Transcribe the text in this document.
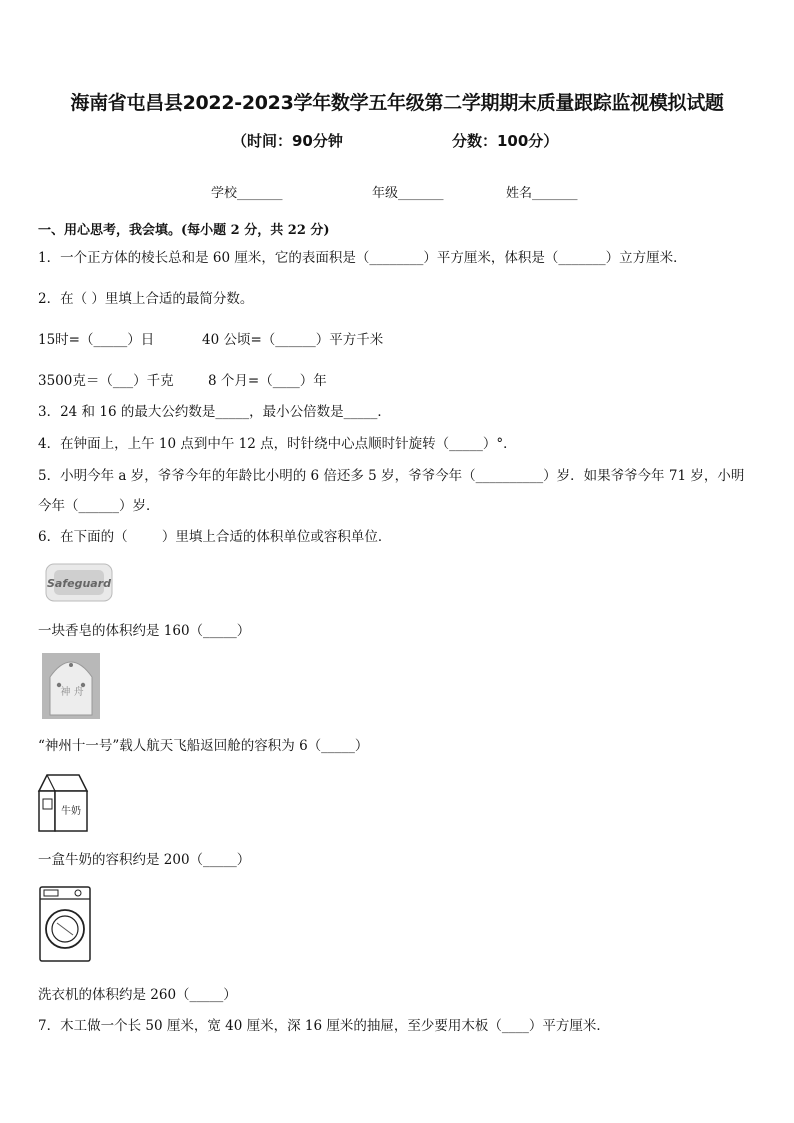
海南省屯昌县2022-2023学年数学五年级第二学期期末质量跟踪监视模拟试题
（时间：90分钟	分数：100分）
学校_______	年级_______	姓名_______
一、用心思考，我会填。(每小题 2 分，共 22 分)
1．一个正方体的棱长总和是 60 厘米，它的表面积是（________）平方厘米，体积是（_______）立方厘米．
2．在（ ）里填上合适的最简分数。
15时=（_____）日	40 公顷=（______）平方千米
3500克＝（___）千克	8 个月=（____）年
3．24 和 16 的最大公约数是_____，最小公倍数是_____．
4．在钟面上，上午 10 点到中午 12 点，时针绕中心点顺时针旋转（_____）°．
5．小明今年 a 岁，爷爷今年的年龄比小明的 6 倍还多 5 岁，爷爷今年（__________）岁．如果爷爷今年 71 岁，小明
今年（______）岁．
6．在下面的（        ）里填上合适的体积单位或容积单位．
Safeguard
一块香皂的体积约是 160（_____）
神 舟
“神州十一号”载人航天飞船返回舱的容积为 6（_____）
牛奶
一盒牛奶的容积约是 200（_____）
洗衣机的体积约是 260（_____）
7．木工做一个长 50 厘米，宽 40 厘米，深 16 厘米的抽屉，至少要用木板（____）平方厘米．
